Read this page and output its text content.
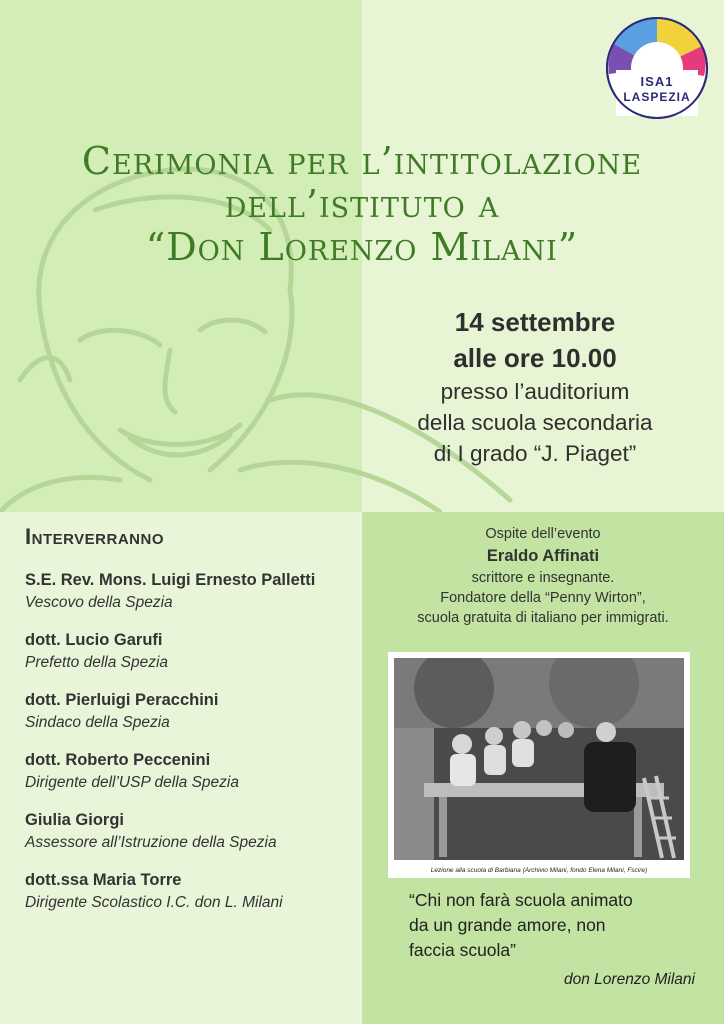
ISA1
LASPEZIA
Cerimonia per l’intitolazione
dell’istituto a
“Don Lorenzo Milani”
14 settembre
alle ore 10.00
presso l’auditorium
della scuola secondaria
di I grado “J. Piaget”
Interverranno
S.E. Rev. Mons. Luigi Ernesto Palletti
Vescovo della Spezia
dott. Lucio Garufi
Prefetto della Spezia
dott. Pierluigi Peracchini
Sindaco della Spezia
dott. Roberto Peccenini
Dirigente dell’USP della Spezia
Giulia Giorgi
Assessore all’Istruzione della Spezia
dott.ssa Maria Torre
Dirigente Scolastico I.C. don L. Milani
Ospite dell’evento
Eraldo Affinati
scrittore e insegnante.
Fondatore della “Penny Wirton”,
scuola gratuita di italiano per immigrati.
Lezione alla scuola di Barbiana (Archivio Milani, fondo Elena Milani, Fscire)
“Chi non farà scuola animato
da un grande amore, non
faccia scuola”
don Lorenzo Milani
